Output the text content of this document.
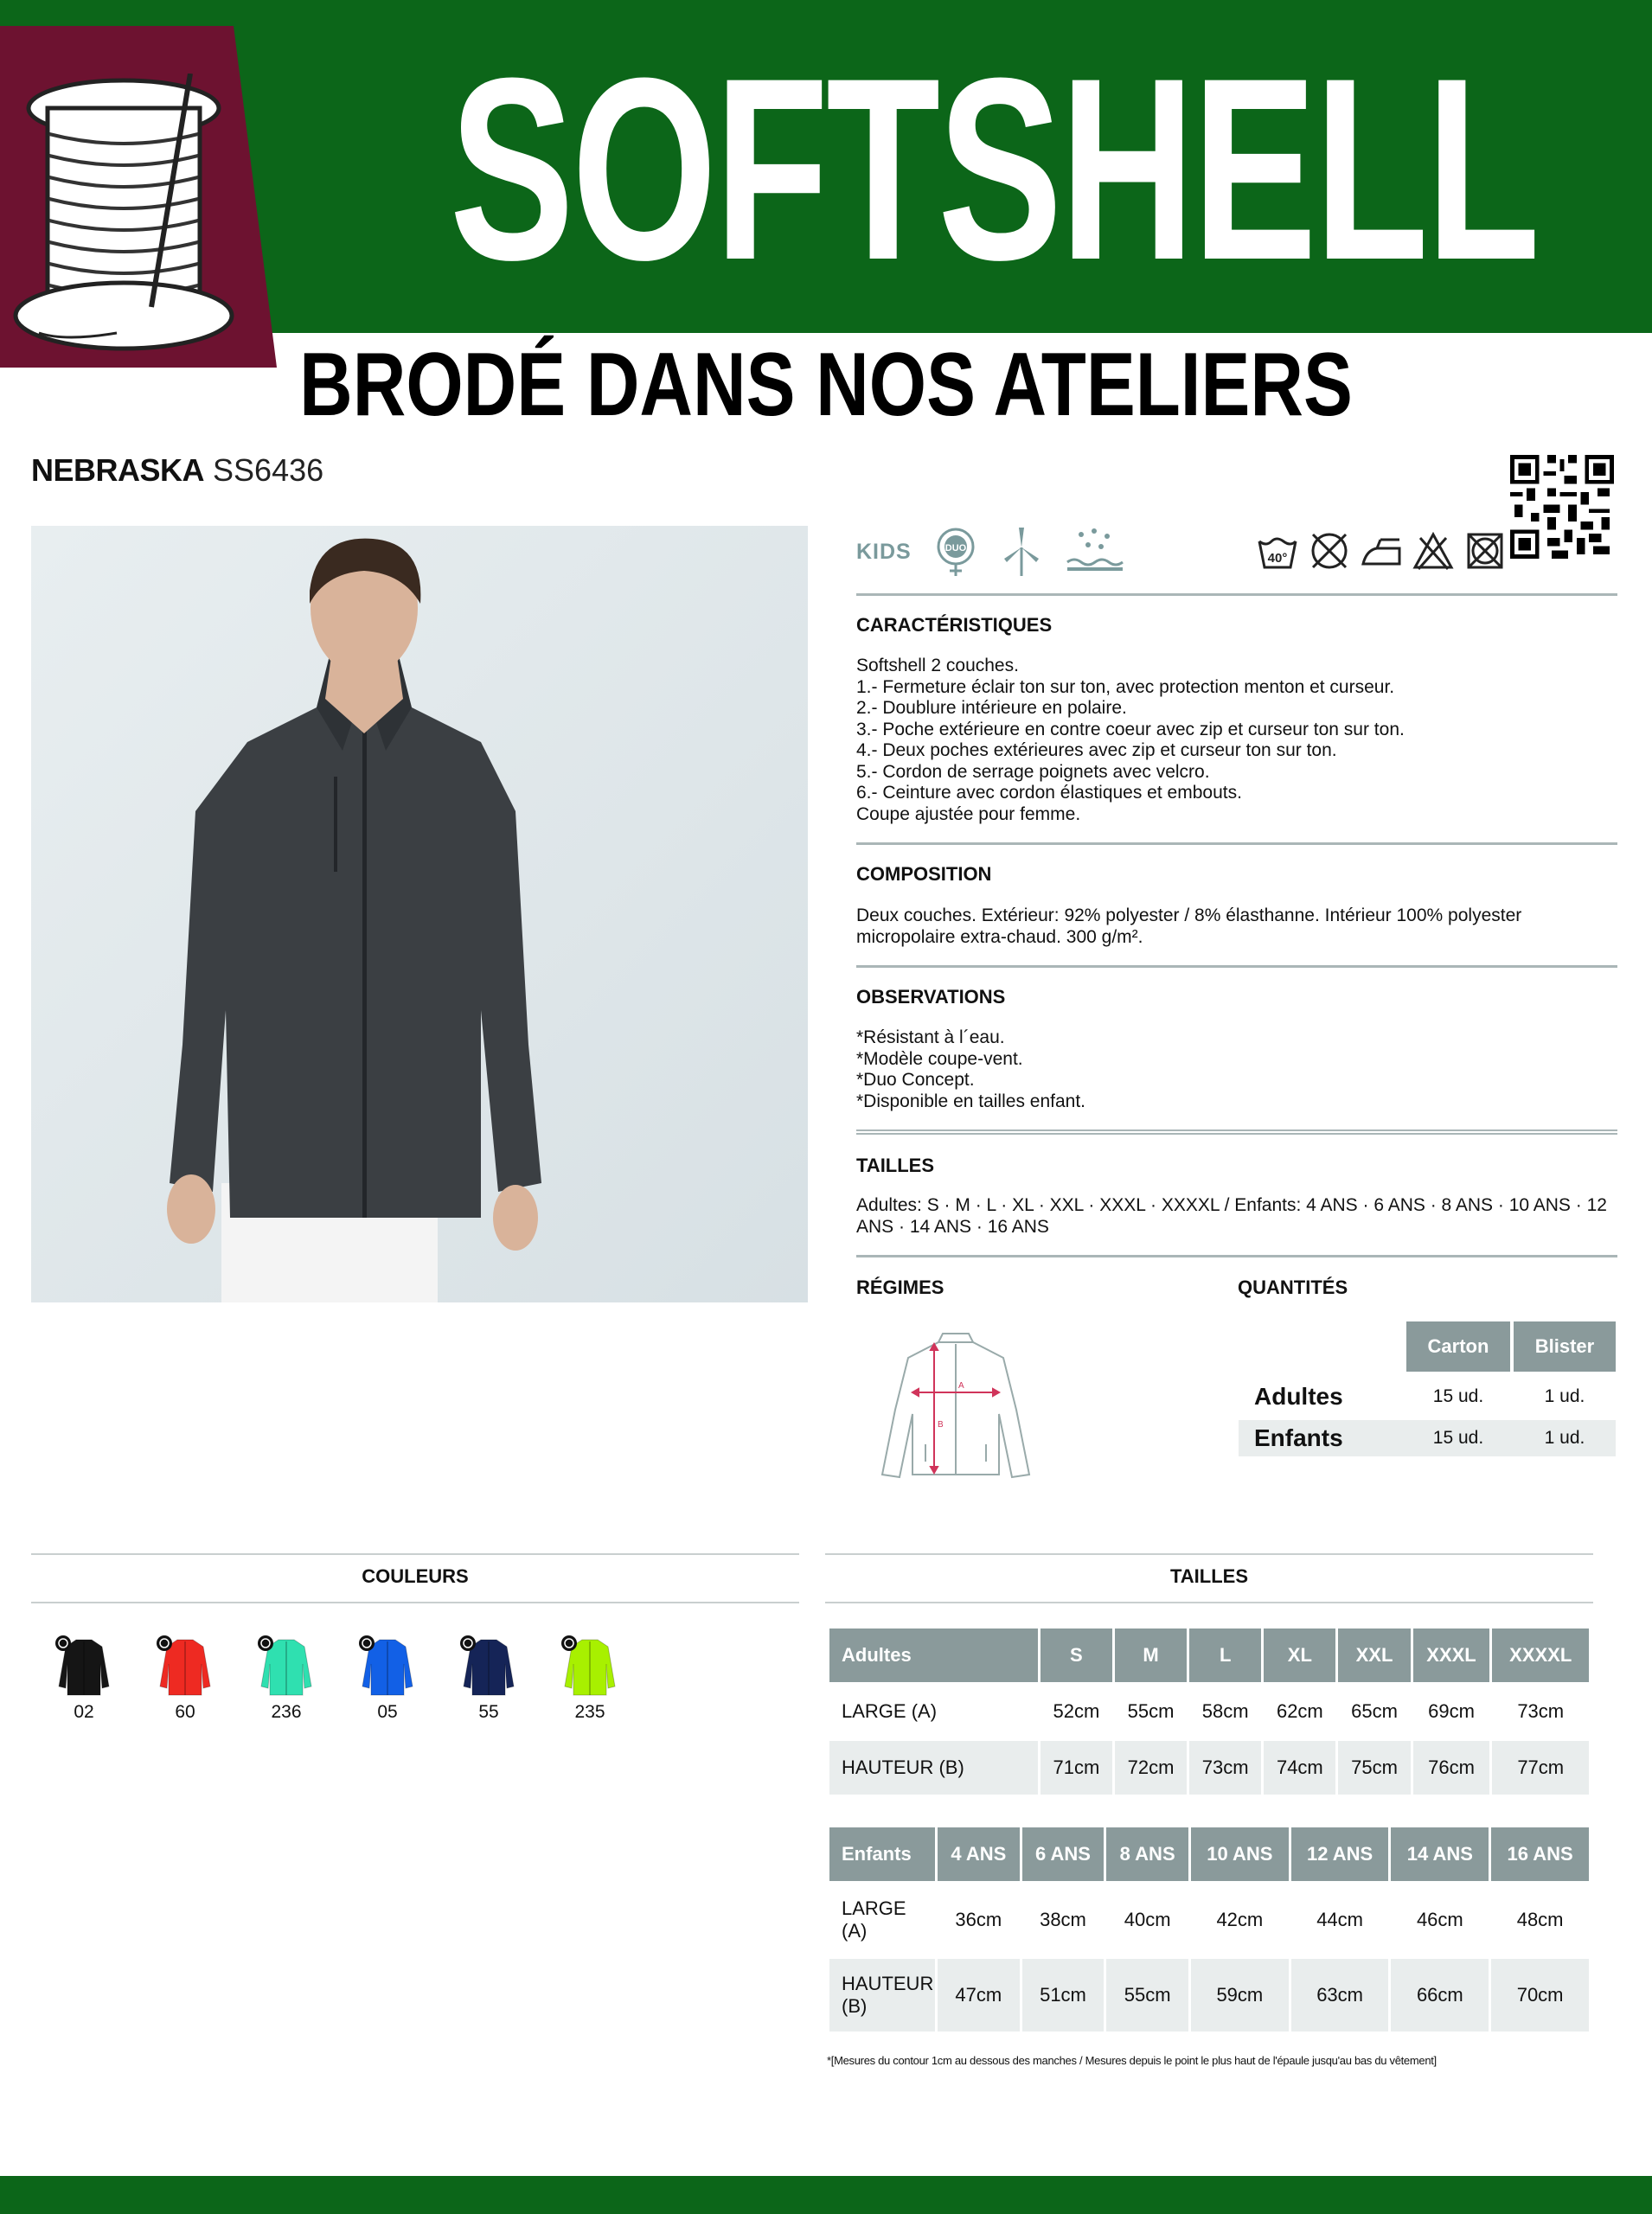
SOFTSHELL
BRODÉ DANS NOS ATELIERS
NEBRASKA SS6436
KIDS	DUO
40°
CARACTÉRISTIQUES
Softshell 2 couches.
1.- Fermeture éclair ton sur ton, avec protection menton et curseur.
2.- Doublure intérieure en polaire.
3.- Poche extérieure en contre coeur avec zip et curseur ton sur ton.
4.- Deux poches extérieures avec zip et curseur ton sur ton.
5.- Cordon de serrage poignets avec velcro.
6.- Ceinture avec cordon élastiques et embouts.
Coupe ajustée pour femme.
COMPOSITION
Deux couches. Extérieur: 92% polyester / 8% élasthanne. Intérieur 100% polyester
micropolaire extra-chaud. 300 g/m².
OBSERVATIONS
*Résistant à l´eau.
*Modèle coupe-vent.
*Duo Concept.
*Disponible en tailles enfant.
TAILLES
Adultes: S · M · L · XL · XXL · XXXL · XXXXL / Enfants: 4 ANS · 6 ANS · 8 ANS · 10 ANS · 12
ANS · 14 ANS · 16 ANS
RÉGIMES
A
B
QUANTITÉS
Carton	Blister
Adultes	15 ud.	1 ud.
Enfants	15 ud.	1 ud.
COULEURS
02	60	236	05	55	235
TAILLES
Adultes	S	M	L	XL	XXL	XXXL	XXXXL
LARGE (A)	52cm	55cm	58cm	62cm	65cm	69cm	73cm
HAUTEUR (B)	71cm	72cm	73cm	74cm	75cm	76cm	77cm
Enfants	4 ANS	6 ANS	8 ANS	10 ANS	12 ANS	14 ANS	16 ANS
LARGE (A)	36cm	38cm	40cm	42cm	44cm	46cm	48cm
HAUTEUR (B)	47cm	51cm	55cm	59cm	63cm	66cm	70cm
*[Mesures du contour 1cm au dessous des manches / Mesures depuis le point le plus haut de l'épaule jusqu'au bas du vêtement]
